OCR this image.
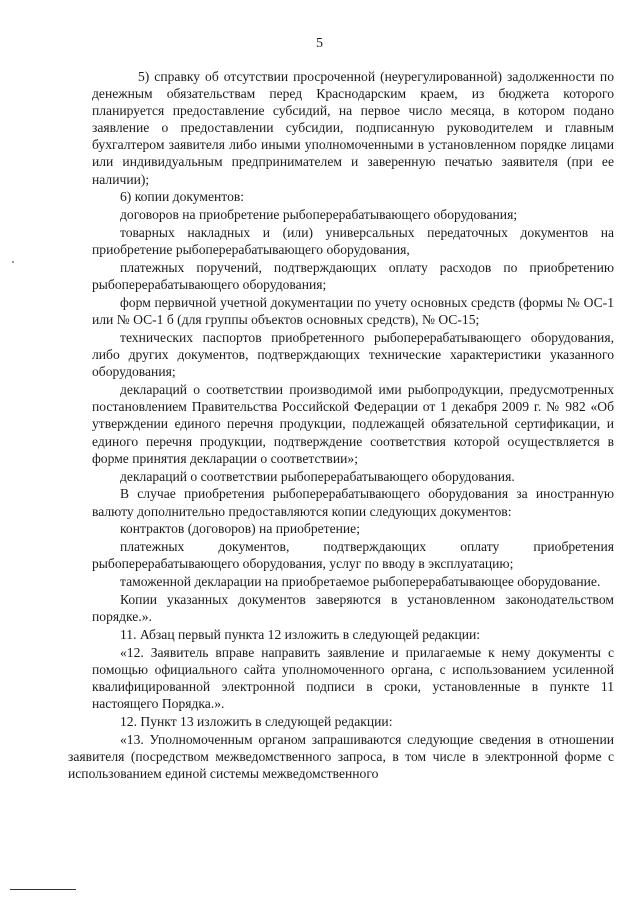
5

5) справку об отсутствии просроченной (неурегулированной) задолженности по денежным обязательствам перед Краснодарским краем, из бюджета которого планируется предоставление субсидий, на первое число месяца, в котором подано заявление о предоставлении субсидии, подписанную руководителем и главным бухгалтером заявителя либо иными уполномоченными в установленном порядке лицами или индивидуальным предпринимателем и заверенную печатью заявителя (при ее наличии);

6) копии документов:

договоров на приобретение рыбоперерабатывающего оборудования;

товарных накладных и (или) универсальных передаточных документов на приобретение рыбоперерабатывающего оборудования,

платежных поручений, подтверждающих оплату расходов по приобретению рыбоперерабатывающего оборудования;

форм первичной учетной документации по учету основных средств (формы № ОС-1 или № ОС-1 б (для группы объектов основных средств), № ОС-15;

технических паспортов приобретенного рыбоперерабатывающего оборудования, либо других документов, подтверждающих технические характеристики указанного оборудования;

деклараций о соответствии производимой ими рыбопродукции, предусмотренных постановлением Правительства Российской Федерации от 1 декабря 2009 г. № 982 «Об утверждении единого перечня продукции, подлежащей обязательной сертификации, и единого перечня продукции, подтверждение соответствия которой осуществляется в форме принятия декларации о соответствии»;

деклараций о соответствии рыбоперерабатывающего оборудования.

В случае приобретения рыбоперерабатывающего оборудования за иностранную валюту дополнительно предоставляются копии следующих документов:

контрактов (договоров) на приобретение;

платежных документов, подтверждающих оплату приобретения рыбоперерабатывающего оборудования, услуг по вводу в эксплуатацию;

таможенной декларации на приобретаемое рыбоперерабатывающее оборудование.

Копии указанных документов заверяются в установленном законодательством порядке.».

11. Абзац первый пункта 12 изложить в следующей редакции:

«12. Заявитель вправе направить заявление и прилагаемые к нему документы с помощью официального сайта уполномоченного органа, с использованием усиленной квалифицированной электронной подписи в сроки, установленные в пункте 11 настоящего Порядка.».

12. Пункт 13 изложить в следующей редакции:

«13. Уполномоченным органом запрашиваются следующие сведения в отношении заявителя (посредством межведомственного запроса, в том числе в электронной форме с использованием единой системы межведомственного
